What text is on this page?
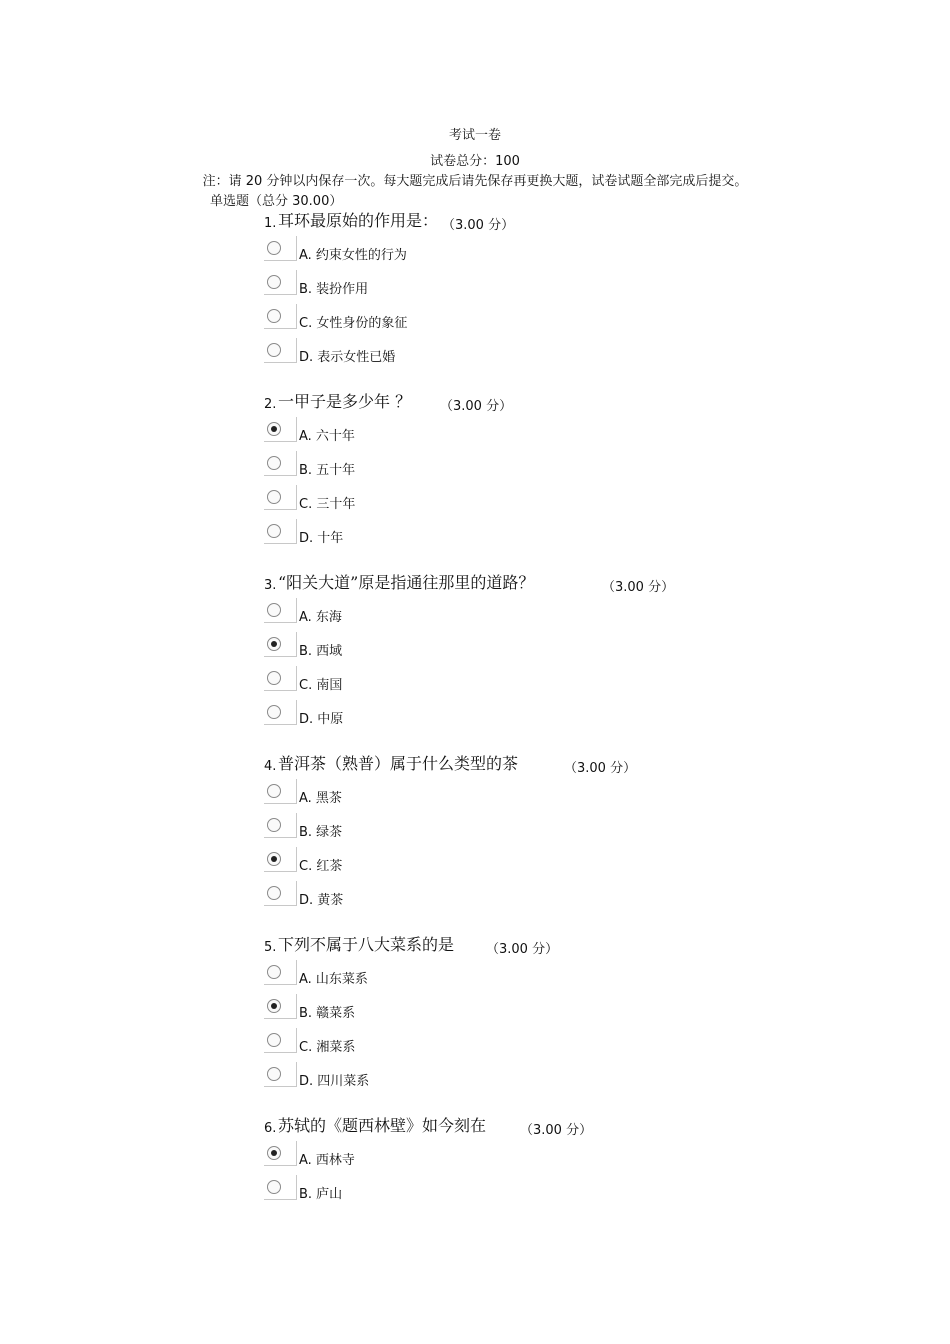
考试一卷
试卷总分：100
注：请 20 分钟以内保存一次。每大题完成后请先保存再更换大题，试卷试题全部完成后提交。
单选题（总分 30.00）
1. 耳环最原始的作用是： （3.00 分）
A. 约束女性的行为
B. 装扮作用
C. 女性身份的象征
D. 表示女性已婚
2. 一甲子是多少年 ？ （3.00 分）
A. 六十年
B. 五十年
C. 三十年
D. 十年
3. “阳关大道”原是指通往那里的道路？	（3.00 分）
A. 东海
B. 西域
C. 南国
D. 中原
4. 普洱茶（熟普）属于什么类型的茶	（3.00 分）
A. 黑茶
B. 绿茶
C. 红茶
D. 黄茶
5. 下列不属于八大菜系的是 （3.00 分）
A. 山东菜系
B. 赣菜系
C. 湘菜系
D. 四川菜系
6. 苏轼的《题西林壁》如今刻在	（3.00 分）
A. 西林寺
B. 庐山
